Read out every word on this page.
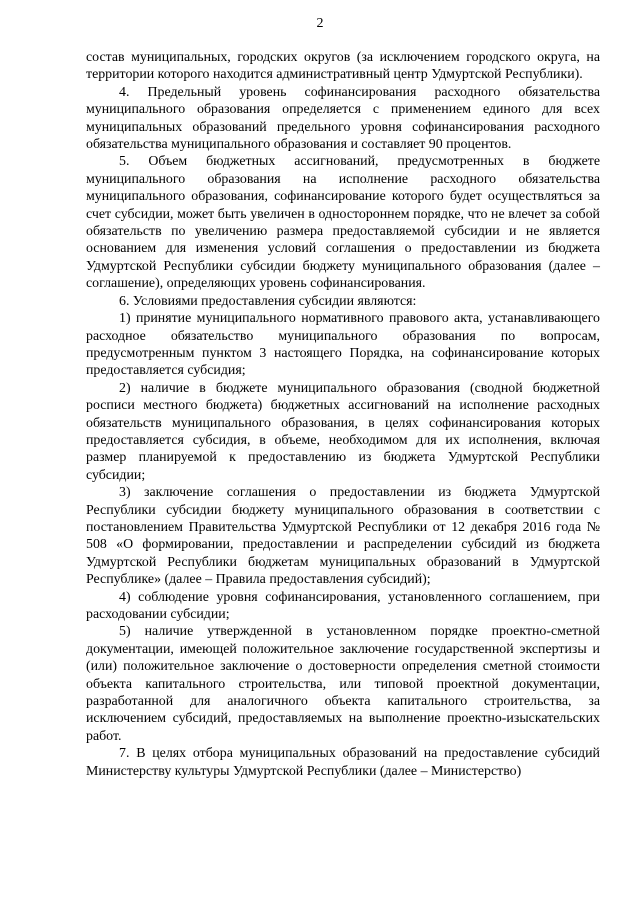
2

состав муниципальных, городских округов (за исключением городского округа, на территории которого находится административный центр Удмуртской Республики).

4. Предельный уровень софинансирования расходного обязательства муниципального образования определяется с применением единого для всех муниципальных образований предельного уровня софинансирования расходного обязательства муниципального образования и составляет 90 процентов.

5. Объем бюджетных ассигнований, предусмотренных в бюджете муниципального образования на исполнение расходного обязательства муниципального образования, софинансирование которого будет осуществляться за счет субсидии, может быть увеличен в одностороннем порядке, что не влечет за собой обязательств по увеличению размера предоставляемой субсидии и не является основанием для изменения условий соглашения о предоставлении из бюджета Удмуртской Республики субсидии бюджету муниципального образования (далее – соглашение), определяющих уровень софинансирования.

6. Условиями предоставления субсидии являются:

1) принятие муниципального нормативного правового акта, устанавливающего расходное обязательство муниципального образования по вопросам, предусмотренным пунктом 3 настоящего Порядка, на софинансирование которых предоставляется субсидия;

2) наличие в бюджете муниципального образования (сводной бюджетной росписи местного бюджета) бюджетных ассигнований на исполнение расходных обязательств муниципального образования, в целях софинансирования которых предоставляется субсидия, в объеме, необходимом для их исполнения, включая размер планируемой к предоставлению из бюджета Удмуртской Республики субсидии;

3) заключение соглашения о предоставлении из бюджета Удмуртской Республики субсидии бюджету муниципального образования в соответствии с постановлением Правительства Удмуртской Республики от 12 декабря 2016 года № 508 «О формировании, предоставлении и распределении субсидий из бюджета Удмуртской Республики бюджетам муниципальных образований в Удмуртской Республике» (далее – Правила предоставления субсидий);

4) соблюдение уровня софинансирования, установленного соглашением, при расходовании субсидии;

5) наличие утвержденной в установленном порядке проектно-сметной документации, имеющей положительное заключение государственной экспертизы и (или) положительное заключение о достоверности определения сметной стоимости объекта капитального строительства, или типовой проектной документации, разработанной для аналогичного объекта капитального строительства, за исключением субсидий, предоставляемых на выполнение проектно-изыскательских работ.

7. В целях отбора муниципальных образований на предоставление субсидий Министерству культуры Удмуртской Республики (далее – Министерство)
